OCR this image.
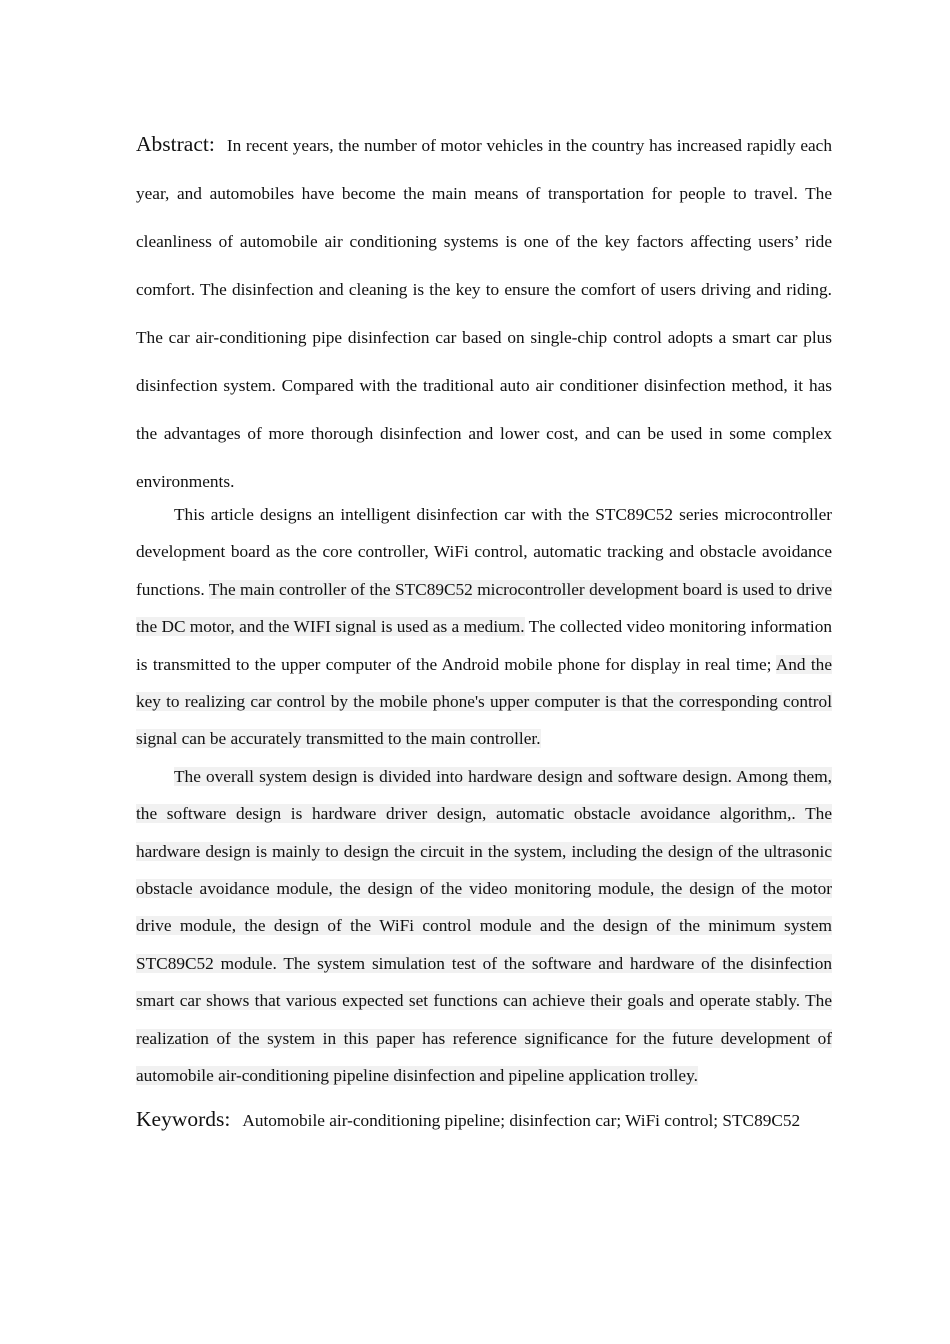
Abstract: In recent years, the number of motor vehicles in the country has increased rapidly each year, and automobiles have become the main means of transportation for people to travel. The cleanliness of automobile air conditioning systems is one of the key factors affecting users’ ride comfort. The disinfection and cleaning is the key to ensure the comfort of users driving and riding. The car air-conditioning pipe disinfection car based on single-chip control adopts a smart car plus disinfection system. Compared with the traditional auto air conditioner disinfection method, it has the advantages of more thorough disinfection and lower cost, and can be used in some complex environments.

This article designs an intelligent disinfection car with the STC89C52 series microcontroller development board as the core controller, WiFi control, automatic tracking and obstacle avoidance functions. The main controller of the STC89C52 microcontroller development board is used to drive the DC motor, and the WIFI signal is used as a medium. The collected video monitoring information is transmitted to the upper computer of the Android mobile phone for display in real time; And the key to realizing car control by the mobile phone's upper computer is that the corresponding control signal can be accurately transmitted to the main controller.

The overall system design is divided into hardware design and software design. Among them, the software design is hardware driver design, automatic obstacle avoidance algorithm,. The hardware design is mainly to design the circuit in the system, including the design of the ultrasonic obstacle avoidance module, the design of the video monitoring module, the design of the motor drive module, the design of the WiFi control module and the design of the minimum system STC89C52 module. The system simulation test of the software and hardware of the disinfection smart car shows that various expected set functions can achieve their goals and operate stably. The realization of the system in this paper has reference significance for the future development of automobile air-conditioning pipeline disinfection and pipeline application trolley.

Keywords: Automobile air-conditioning pipeline; disinfection car; WiFi control; STC89C52
